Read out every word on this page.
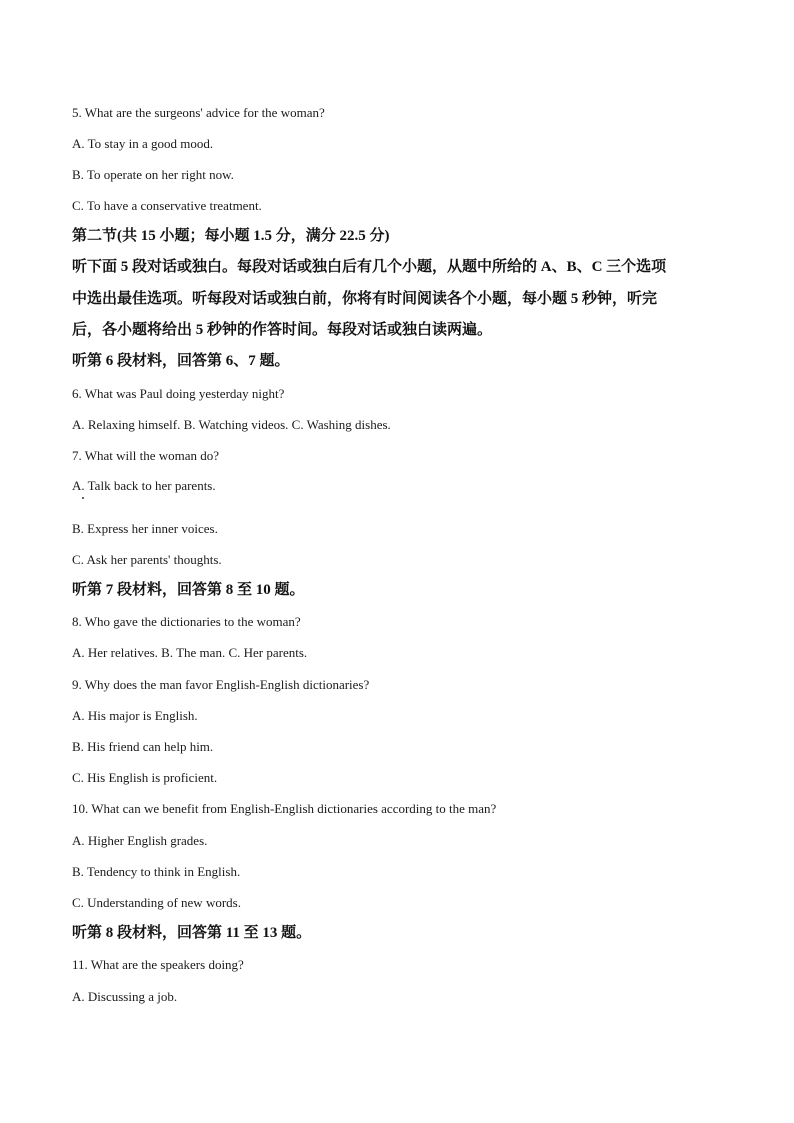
5. What are the surgeons' advice for the woman?
A. To stay in a good mood.
B. To operate on her right now.
C. To have a conservative treatment.
第二节(共 15 小题；每小题 1.5 分，满分 22.5 分)
听下面 5 段对话或独白。每段对话或独白后有几个小题，从题中所给的 A、B、C 三个选项
中选出最佳选项。听每段对话或独白前，你将有时间阅读各个小题，每小题 5 秒钟，听完
后，各小题将给出 5 秒钟的作答时间。每段对话或独白读两遍。
听第 6 段材料，回答第 6、7 题。
6. What was Paul doing yesterday night?
A. Relaxing himself. B. Watching videos. C. Washing dishes.
7. What will the woman do?
A. Talk back to her parents.
B. Express her inner voices.
C. Ask her parents' thoughts.
听第 7 段材料，回答第 8 至 10 题。
8. Who gave the dictionaries to the woman?
A. Her relatives. B. The man. C. Her parents.
9. Why does the man favor English-English dictionaries?
A. His major is English.
B. His friend can help him.
C. His English is proficient.
10. What can we benefit from English-English dictionaries according to the man?
A. Higher English grades.
B. Tendency to think in English.
C. Understanding of new words.
听第 8 段材料，回答第 11 至 13 题。
11. What are the speakers doing?
A. Discussing a job.
